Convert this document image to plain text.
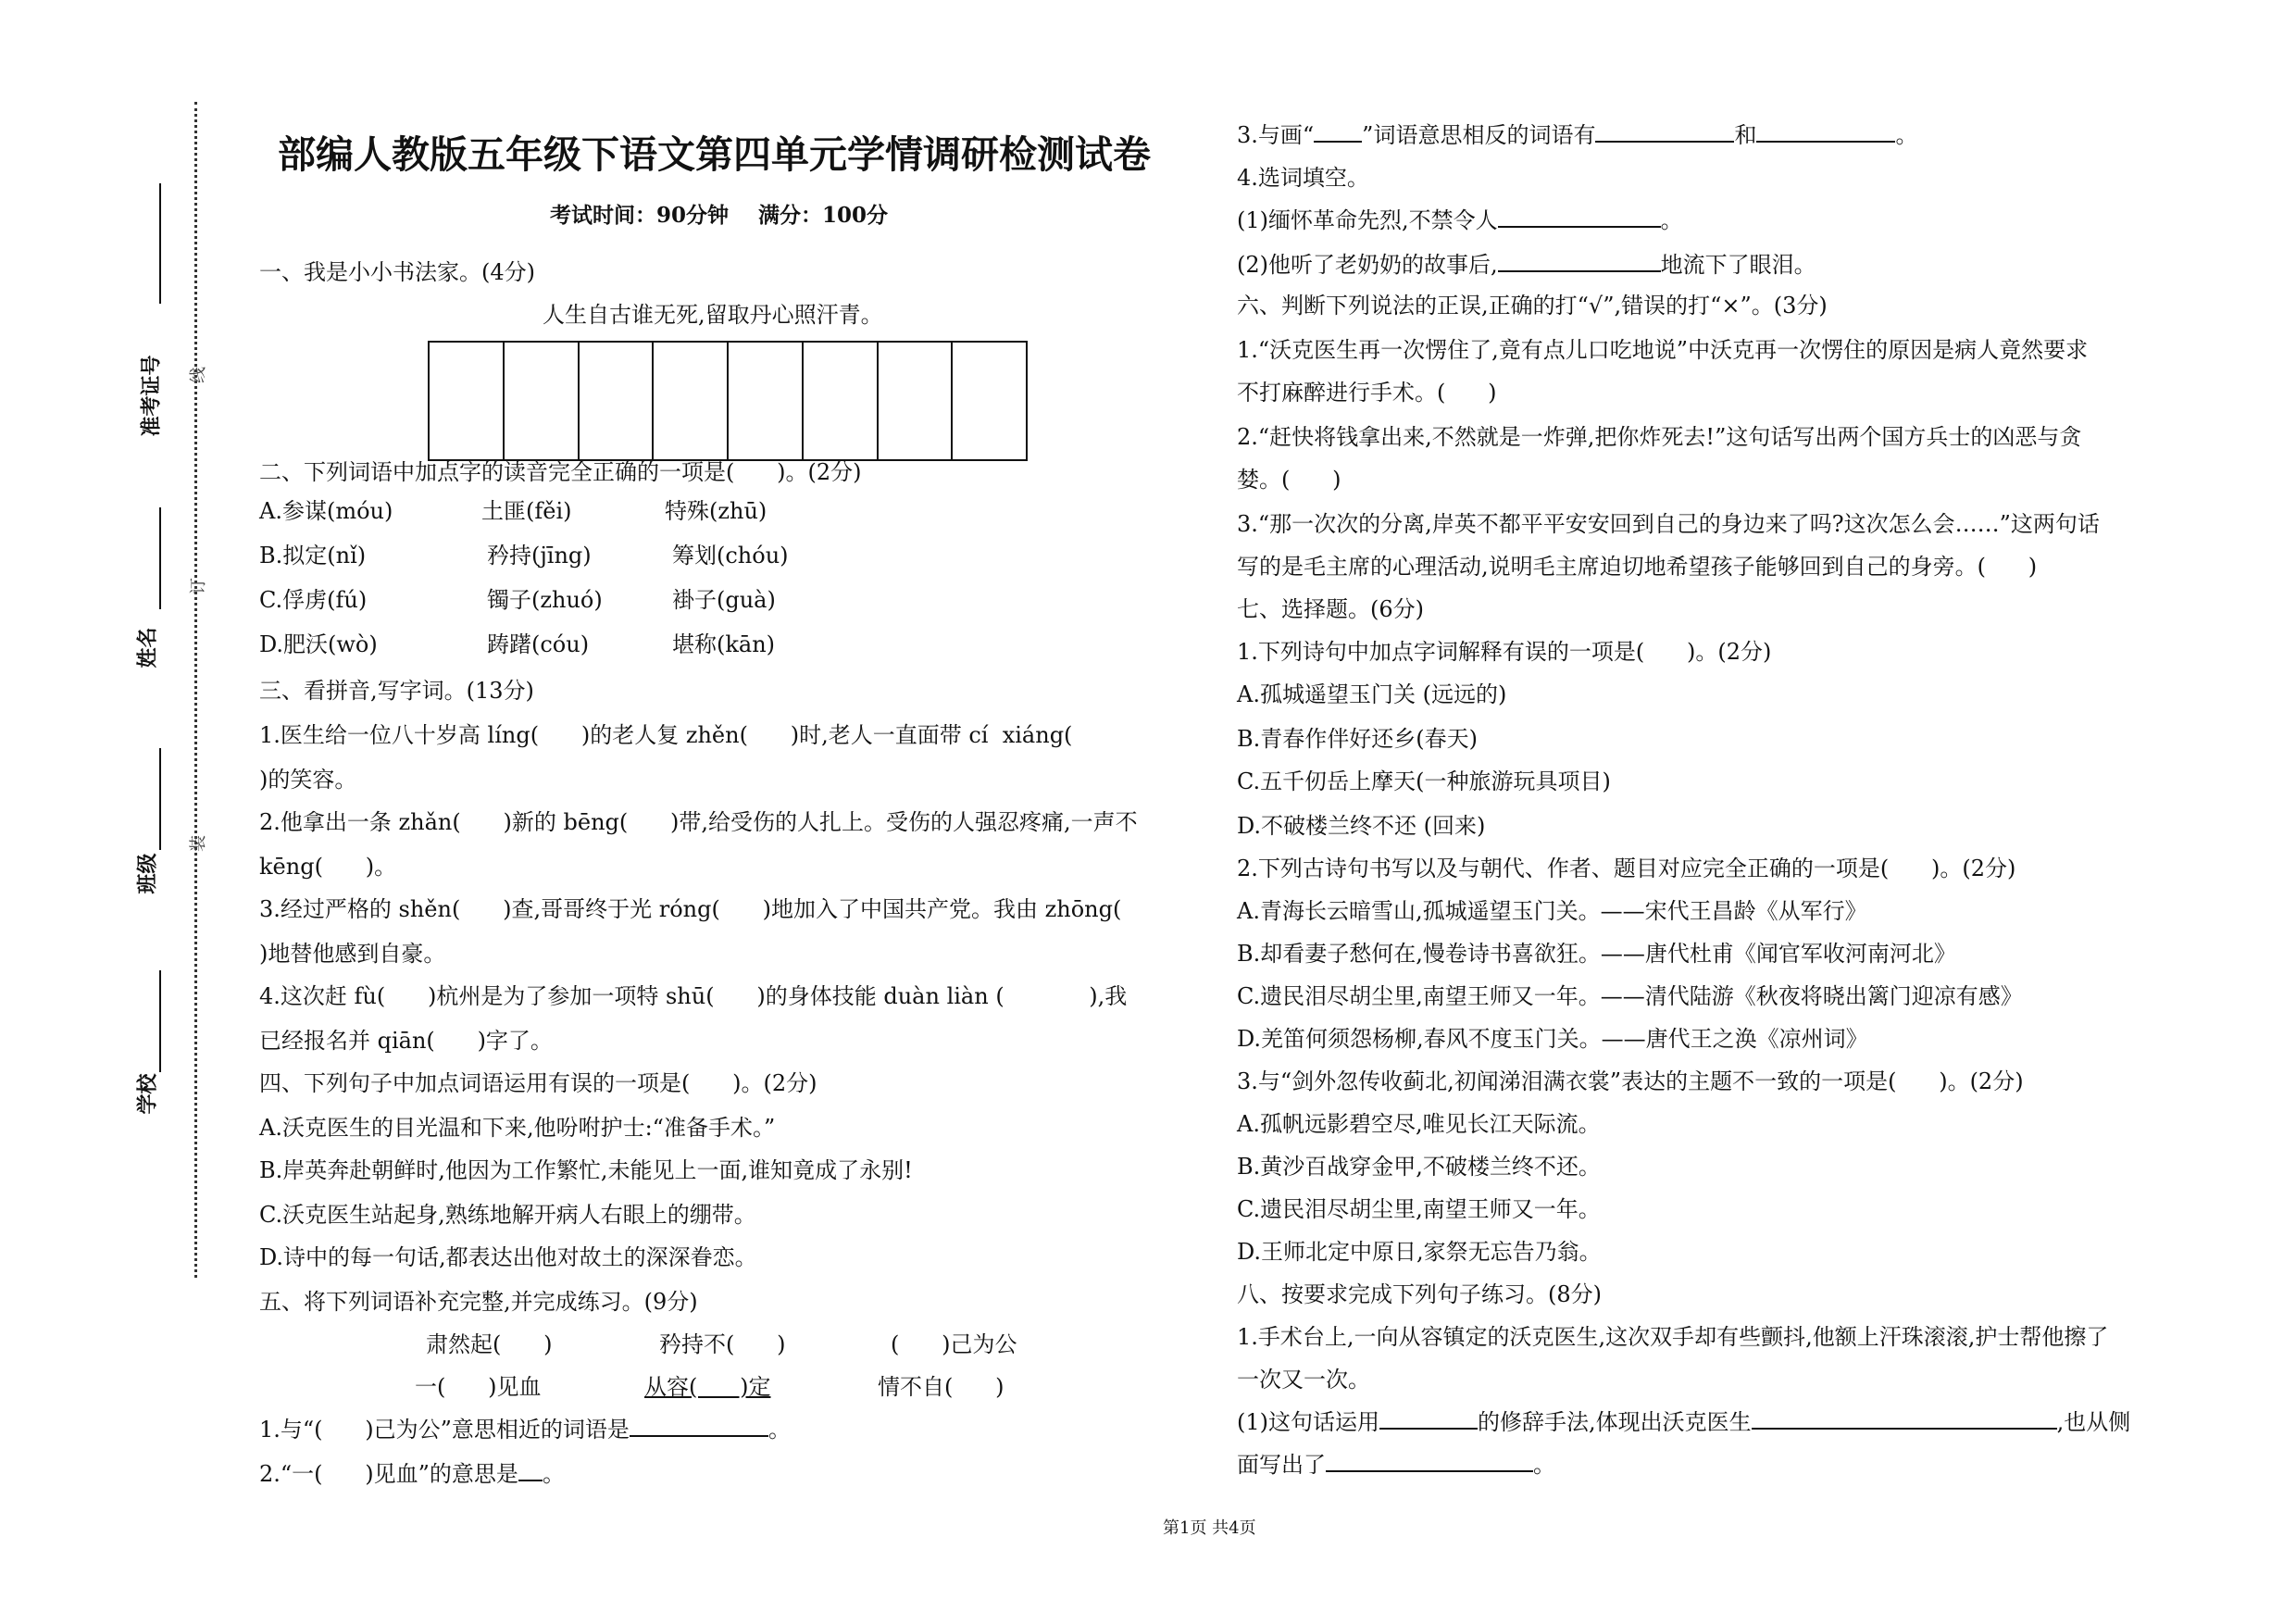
准考证号
姓名
班级
学校
线
订
装
部编人教版五年级下语文第四单元学情调研检测试卷
考试时间：90分钟    满分：100分
一、我是小小书法家。(4分)
人生自古谁无死,留取丹心照汗青。
二、下列词语中加点字的读音完全正确的一项是(      )。(2分)
A.参谋(móu)	土匪(fěi)	特殊(zhū)
B.拟定(nǐ)	矜持(jīng)	筹划(chóu)
C.俘虏(fú)	镯子(zhuó)	褂子(guà)
D.肥沃(wò)	踌躇(cóu)	堪称(kān)
三、看拼音,写字词。(13分)
1.医生给一位八十岁高 líng(      )的老人复 zhěn(      )时,老人一直面带 cí  xiáng(
)的笑容。
2.他拿出一条 zhǎn(      )新的 bēng(      )带,给受伤的人扎上。受伤的人强忍疼痛,一声不
kēng(      )。
3.经过严格的 shěn(      )查,哥哥终于光 róng(      )地加入了中国共产党。我由 zhōng(
)地替他感到自豪。
4.这次赶 fù(      )杭州是为了参加一项特 shū(      )的身体技能 duàn liàn (            ),我
已经报名并 qiān(      )字了。
四、下列句子中加点词语运用有误的一项是(      )。(2分)
A.沃克医生的目光温和下来,他吩咐护士:“准备手术。”
B.岸英奔赴朝鲜时,他因为工作繁忙,未能见上一面,谁知竟成了永别!
C.沃克医生站起身,熟练地解开病人右眼上的绷带。
D.诗中的每一句话,都表达出他对故土的深深眷恋。
五、将下列词语补充完整,并完成练习。(9分)
肃然起(      )	矜持不(      )	(      )己为公
一(      )见血	从容(      )定	情不自(      )
1.与“(      )己为公”意思相近的词语是	。
2.“一(      )见血”的意思是 。
3.与画“ ”词语意思相反的词语有	和	。
4.选词填空。
(1)缅怀革命先烈,不禁令人	。
(2)他听了老奶奶的故事后,	地流下了眼泪。
六、判断下列说法的正误,正确的打“√”,错误的打“×”。(3分)
1.“沃克医生再一次愣住了,竟有点儿口吃地说”中沃克再一次愣住的原因是病人竟然要求
不打麻醉进行手术。(      )
2.“赶快将钱拿出来,不然就是一炸弹,把你炸死去!”这句话写出两个国方兵士的凶恶与贪
婪。(      )
3.“那一次次的分离,岸英不都平平安安回到自己的身边来了吗?这次怎么会……”这两句话
写的是毛主席的心理活动,说明毛主席迫切地希望孩子能够回到自己的身旁。(      )
七、选择题。(6分)
1.下列诗句中加点字词解释有误的一项是(      )。(2分)
A.孤城遥望玉门关 (远远的)
B.青春作伴好还乡(春天)
C.五千仞岳上摩天(一种旅游玩具项目)
D.不破楼兰终不还 (回来)
2.下列古诗句书写以及与朝代、作者、题目对应完全正确的一项是(      )。(2分)
A.青海长云暗雪山,孤城遥望玉门关。——宋代王昌龄《从军行》
B.却看妻子愁何在,慢卷诗书喜欲狂。——唐代杜甫《闻官军收河南河北》
C.遗民泪尽胡尘里,南望王师又一年。——清代陆游《秋夜将晓出篱门迎凉有感》
D.羌笛何须怨杨柳,春风不度玉门关。——唐代王之涣《凉州词》
3.与“剑外忽传收蓟北,初闻涕泪满衣裳”表达的主题不一致的一项是(      )。(2分)
A.孤帆远影碧空尽,唯见长江天际流。
B.黄沙百战穿金甲,不破楼兰终不还。
C.遗民泪尽胡尘里,南望王师又一年。
D.王师北定中原日,家祭无忘告乃翁。
八、按要求完成下列句子练习。(8分)
1.手术台上,一向从容镇定的沃克医生,这次双手却有些颤抖,他额上汗珠滚滚,护士帮他擦了
一次又一次。
(1)这句话运用	的修辞手法,体现出沃克医生	,也从侧
面写出了	。
第1页 共4页
